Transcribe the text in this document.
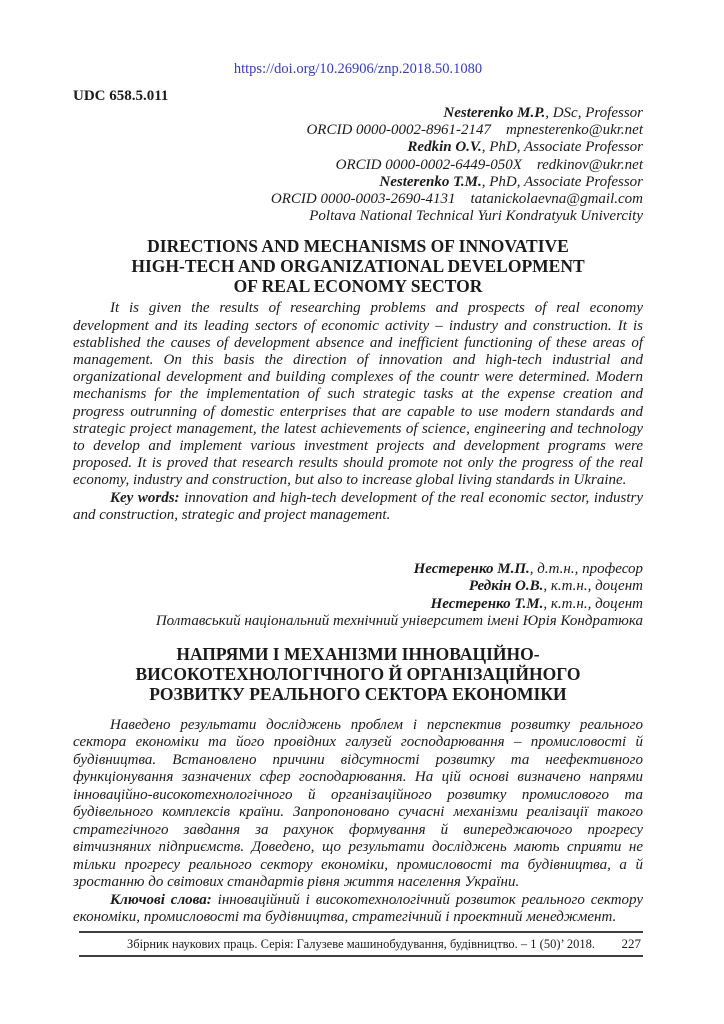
https://doi.org/10.26906/znp.2018.50.1080
UDC 658.5.011
Nesterenko M.P., DSc, Professor
ORCID 0000-0002-8961-2147    mpnesterenko@ukr.net
Redkin O.V., PhD, Associate Professor
ORCID 0000-0002-6449-050X    redkinov@ukr.net
Nesterenko T.M., PhD, Associate Professor
ORCID 0000-0003-2690-4131    tatanickolaevna@gmail.com
Poltava National Technical Yuri Kondratyuk Univercity
DIRECTIONS AND MECHANISMS OF INNOVATIVE
HIGH-TECH AND ORGANIZATIONAL DEVELOPMENT
OF REAL ECONOMY SECTOR
It is given the results of researching problems and prospects of real economy development and its leading sectors of economic activity – industry and construction. It is established the causes of development absence and inefficient functioning of these areas of management. On this basis the direction of innovation and high-tech industrial and organizational development and building complexes of the countr were determined. Modern mechanisms for the implementation of such strategic tasks at the expense creation and progress outrunning of domestic enterprises that are capable to use modern standards and strategic project management, the latest achievements of science, engineering and technology to develop and implement various investment projects and development programs were proposed. It is proved that research results should promote not only the progress of the real economy, industry and construction, but also to increase global living standards in Ukraine.
Key words: innovation and high-tech development of the real economic sector, industry and construction, strategic and project management.
Нестеренко М.П., д.т.н., професор
Редкін О.В., к.т.н., доцент
Нестеренко Т.М., к.т.н., доцент
Полтавський національний технічний університет імені Юрія Кондратюка
НАПРЯМИ І МЕХАНІЗМИ ІННОВАЦІЙНО-
ВИСОКОТЕХНОЛОГІЧНОГО Й ОРГАНІЗАЦІЙНОГО
РОЗВИТКУ РЕАЛЬНОГО СЕКТОРА ЕКОНОМІКИ
Наведено результати досліджень проблем і перспектив розвитку реального сектора економіки та його провідних галузей господарювання – промисловості й будівництва. Встановлено причини відсутності розвитку та неефективного функціонування зазначених сфер господарювання. На цій основі визначено напрями інноваційно-високотехнологічного й організаційного розвитку промислового та будівельного комплексів країни. Запропоновано сучасні механізми реалізації такого стратегічного завдання за рахунок формування й випереджаючого прогресу вітчизняних підприємств. Доведено, що результати досліджень мають сприяти не тільки прогресу реального сектору економіки, промисловості та будівництва, а й зростанню до світових стандартів рівня життя населення України.
Ключові слова: інноваційний і високотехнологічний розвиток реального сектору економіки, промисловості та будівництва, стратегічний і проектний менеджмент.
Збірник наукових праць. Серія: Галузеве машинобудування, будівництво. – 1 (50)’ 2018. 227
